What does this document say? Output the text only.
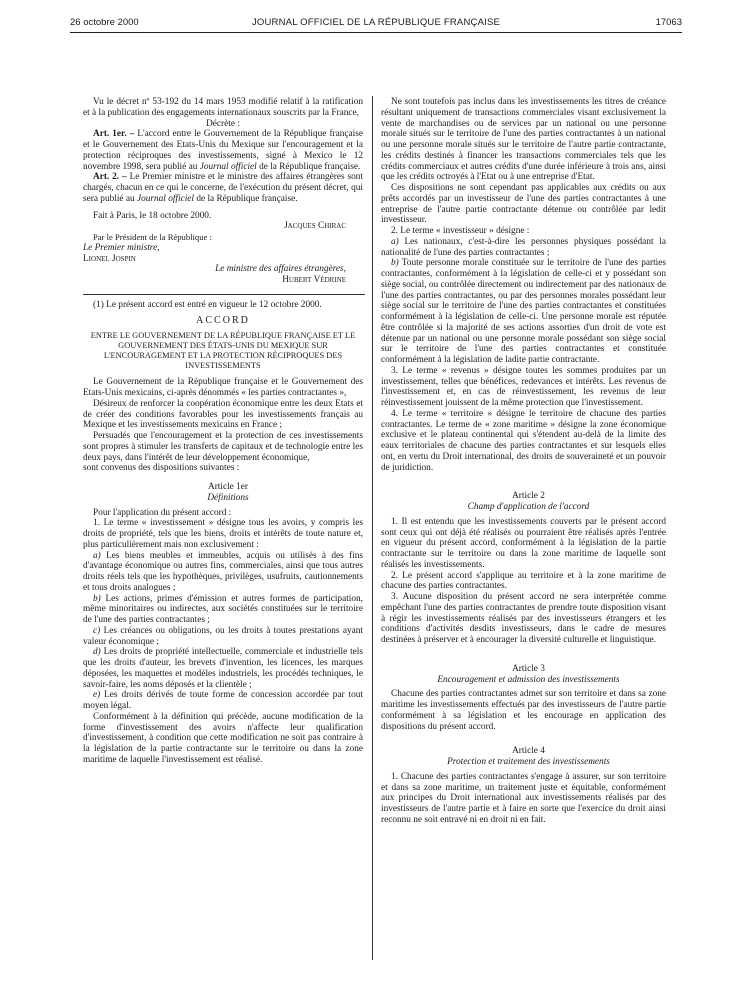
26 octobre 2000	JOURNAL OFFICIEL DE LA RÉPUBLIQUE FRANÇAISE	17063

Vu le décret nº 53-192 du 14 mars 1953 modifié relatif à la ratification et à la publication des engagements internationaux souscrits par la France,

Décrète :

Art. 1er. – L'accord entre le Gouvernement de la République française et le Gouvernement des Etats-Unis du Mexique sur l'encouragement et la protection réciproques des investissements, signé à Mexico le 12 novembre 1998, sera publié au Journal officiel de la République française.

Art. 2. – Le Premier ministre et le ministre des affaires étrangères sont chargés, chacun en ce qui le concerne, de l'exécution du présent décret, qui sera publié au Journal officiel de la République française.

Fait à Paris, le 18 octobre 2000.

Jacques Chirac

Par le Président de la République :

Le Premier ministre,

Lionel Jospin

Le ministre des affaires étrangères,

Hubert Védrine

(1) Le présent accord est entré en vigueur le 12 octobre 2000.

ACCORD

ENTRE LE GOUVERNEMENT DE LA RÉPUBLIQUE FRANÇAISE ET LE GOUVERNEMENT DES ÉTATS-UNIS DU MEXIQUE SUR L'ENCOURAGEMENT ET LA PROTECTION RÉCIPROQUES DES INVESTISSEMENTS

Le Gouvernement de la République française et le Gouvernement des Etats-Unis mexicains, ci-après dénommés « les parties contractantes »,

Désireux de renforcer la coopération économique entre les deux Etats et de créer des conditions favorables pour les investissements français au Mexique et les investissements mexicains en France ;

Persuadés que l'encouragement et la protection de ces investissements sont propres à stimuler les transferts de capitaux et de technologie entre les deux pays, dans l'intérêt de leur développement économique,

sont convenus des dispositions suivantes :

Article 1er

Définitions

Pour l'application du présent accord :

1. Le terme « investissement » désigne tous les avoirs, y compris les droits de propriété, tels que les biens, droits et intérêts de toute nature et, plus particulièrement mais non exclusivement :

a) Les biens meubles et immeubles, acquis ou utilisés à des fins d'avantage économique ou autres fins, commerciales, ainsi que tous autres droits réels tels que les hypothèques, privilèges, usufruits, cautionnements et tous droits analogues ;

b) Les actions, primes d'émission et autres formes de participation, même minoritaires ou indirectes, aux sociétés constituées sur le territoire de l'une des parties contractantes ;

c) Les créances ou obligations, ou les droits à toutes prestations ayant valeur économique ;

d) Les droits de propriété intellectuelle, commerciale et industrielle tels que les droits d'auteur, les brevets d'invention, les licences, les marques déposées, les maquettes et modèles industriels, les procédés techniques, le savoir-faire, les noms déposés et la clientèle ;

e) Les droits dérivés de toute forme de concession accordée par tout moyen légal.

Conformément à la définition qui précède, aucune modification de la forme d'investissement des avoirs n'affecte leur qualification d'investissement, à condition que cette modification ne soit pas contraire à la législation de la partie contractante sur le territoire ou dans la zone maritime de laquelle l'investissement est réalisé.

Ne sont toutefois pas inclus dans les investissements les titres de créance résultant uniquement de transactions commerciales visant exclusivement la vente de marchandises ou de services par un national ou une personne morale situés sur le territoire de l'une des parties contractantes à un national ou une personne morale situés sur le territoire de l'autre partie contractante, les crédits destinés à financer les transactions commerciales tels que les crédits commerciaux et autres crédits d'une durée inférieure à trois ans, ainsi que les crédits octroyés à l'Etat ou à une entreprise d'Etat.

Ces dispositions ne sont cependant pas applicables aux crédits ou aux prêts accordés par un investisseur de l'une des parties contractantes à une entreprise de l'autre partie contractante détenue ou contrôlée par ledit investisseur.

2. Le terme « investisseur » désigne :

a) Les nationaux, c'est-à-dire les personnes physiques possédant la nationalité de l'une des parties contractantes ;

b) Toute personne morale constituée sur le territoire de l'une des parties contractantes, conformément à la législation de celle-ci et y possédant son siège social, ou contrôlée directement ou indirectement par des nationaux de l'une des parties contractantes, ou par des personnes morales possédant leur siège social sur le territoire de l'une des parties contractantes et constituées conformément à la législation de celle-ci. Une personne morale est réputée être contrôlée si la majorité de ses actions assorties d'un droit de vote est détenue par un national ou une personne morale possédant son siège social sur le territoire de l'une des parties contractantes et constituée conformément à la législation de ladite partie contractante.

3. Le terme « revenus » désigne toutes les sommes produites par un investissement, telles que bénéfices, redevances et intérêts. Les revenus de l'investissement et, en cas de réinvestissement, les revenus de leur réinvestissement jouissent de la même protection que l'investissement.

4. Le terme « territoire » désigne le territoire de chacune des parties contractantes. Le terme de « zone maritime » désigne la zone économique exclusive et le plateau continental qui s'étendent au-delà de la limite des eaux territoriales de chacune des parties contractantes et sur lesquels elles ont, en vertu du Droit international, des droits de souveraineté et un pouvoir de juridiction.

Article 2

Champ d'application de l'accord

1. Il est entendu que les investissements couverts par le présent accord sont ceux qui ont déjà été réalisés ou pourraient être réalisés après l'entrée en vigueur du présent accord, conformément à la législation de la partie contractante sur le territoire ou dans la zone maritime de laquelle sont réalisés les investissements.

2. Le présent accord s'applique au territoire et à la zone maritime de chacune des parties contractantes.

3. Aucune disposition du présent accord ne sera interprétée comme empêchant l'une des parties contractantes de prendre toute disposition visant à régir les investissements réalisés par des investisseurs étrangers et les conditions d'activités desdits investisseurs, dans le cadre de mesures destinées à préserver et à encourager la diversité culturelle et linguistique.

Article 3

Encouragement et admission des investissements

Chacune des parties contractantes admet sur son territoire et dans sa zone maritime les investissements effectués par des investisseurs de l'autre partie conformément à sa législation et les encourage en application des dispositions du présent accord.

Article 4

Protection et traitement des investissements

1. Chacune des parties contractantes s'engage à assurer, sur son territoire et dans sa zone maritime, un traitement juste et équitable, conformément aux principes du Droit international aux investissements réalisés par des investisseurs de l'autre partie et à faire en sorte que l'exercice du droit ainsi reconnu ne soit entravé ni en droit ni en fait.
